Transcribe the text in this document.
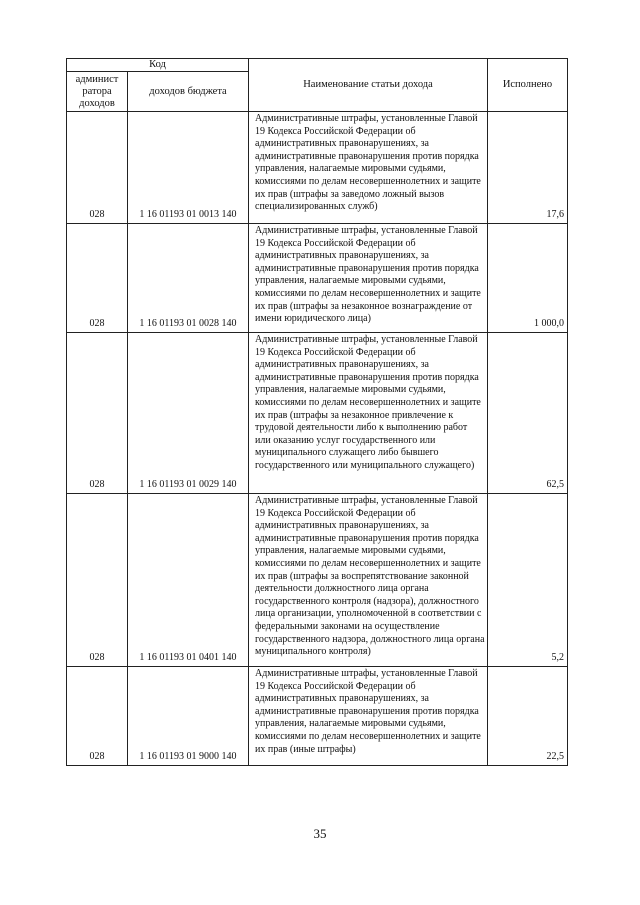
Код		Наименование статьи дохода	Исполнено
админист ратора доходов	доходов бюджета		
028	1 16 01193 01 0013 140	Административные штрафы, установленные Главой 19 Кодекса Российской Федерации об административных правонарушениях, за административные правонарушения против порядка управления, налагаемые мировыми судьями, комиссиями по делам несовершеннолетних и защите их прав (штрафы за заведомо ложный вызов специализированных служб)	17,6
028	1 16 01193 01 0028 140	Административные штрафы, установленные Главой 19 Кодекса Российской Федерации об административных правонарушениях, за административные правонарушения против порядка управления, налагаемые мировыми судьями, комиссиями по делам несовершеннолетних и защите их прав (штрафы за незаконное вознаграждение от имени юридического лица)	1 000,0
028	1 16 01193 01 0029 140	Административные штрафы, установленные Главой 19 Кодекса Российской Федерации об административных правонарушениях, за административные правонарушения против порядка управления, налагаемые мировыми судьями, комиссиями по делам несовершеннолетних и защите их прав (штрафы за незаконное привлечение к трудовой деятельности либо к выполнению работ или оказанию услуг государственного или муниципального служащего либо бывшего государственного или муниципального служащего)	62,5
028	1 16 01193 01 0401 140	Административные штрафы, установленные Главой 19 Кодекса Российской Федерации об административных правонарушениях, за административные правонарушения против порядка управления, налагаемые мировыми судьями, комиссиями по делам несовершеннолетних и защите их прав (штрафы за воспрепятствование законной деятельности должностного лица органа государственного контроля (надзора), должностного лица организации, уполномоченной в соответствии с федеральными законами на осуществление государственного надзора, должностного лица органа муниципального контроля)	5,2
028	1 16 01193 01 9000 140	Административные штрафы, установленные Главой 19 Кодекса Российской Федерации об административных правонарушениях, за административные правонарушения против порядка управления, налагаемые мировыми судьями, комиссиями по делам несовершеннолетних и защите их прав (иные штрафы)	22,5
35
